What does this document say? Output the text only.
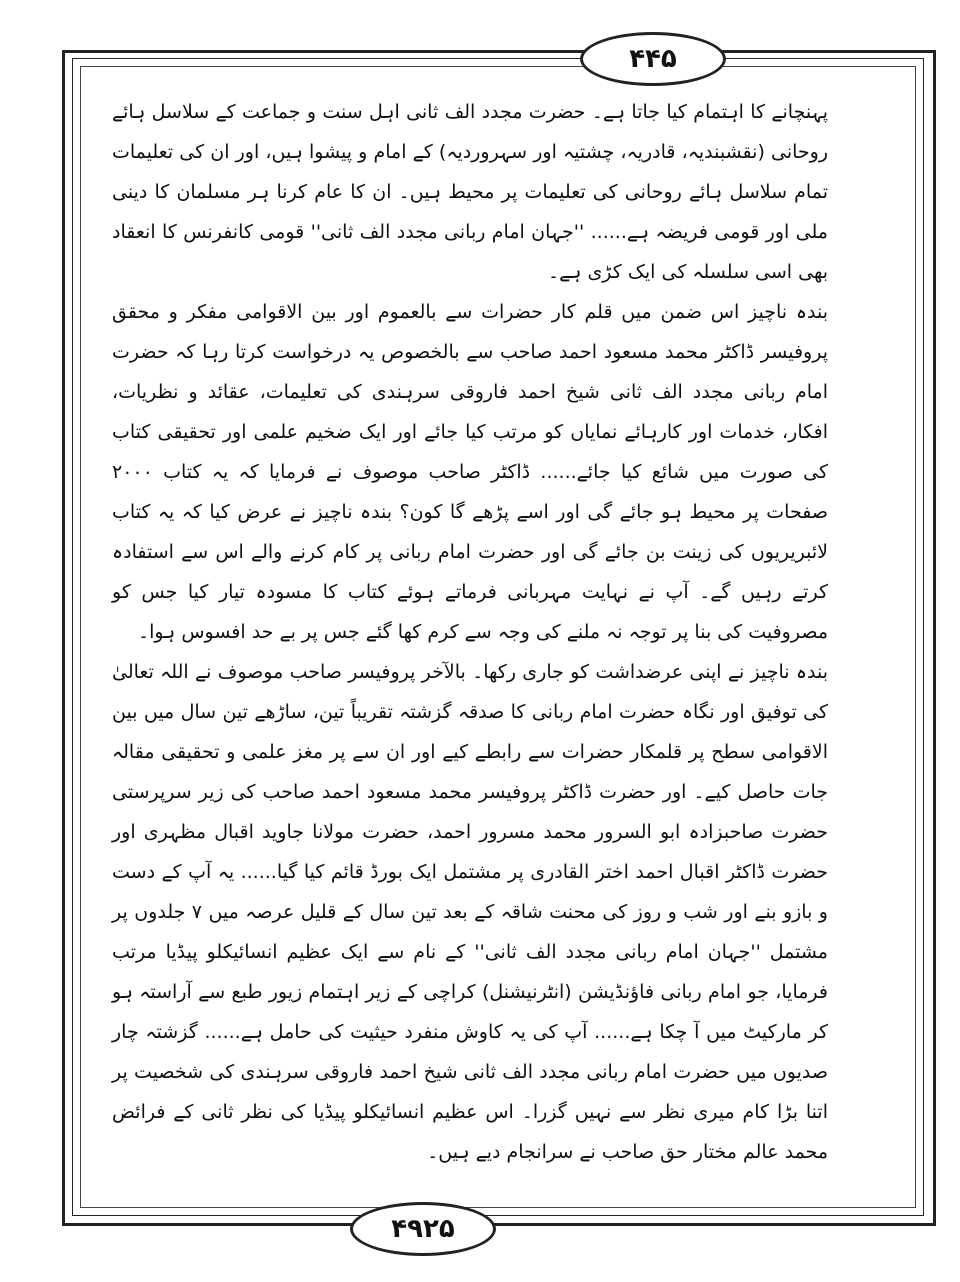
۴۴۵

پہنچانے کا اہتمام کیا جاتا ہے۔ حضرت مجدد الف ثانی اہل سنت و جماعت کے سلاسل ہائے روحانی (نقشبندیہ، قادریہ، چشتیہ اور سہروردیہ) کے امام و پیشوا ہیں، اور ان کی تعلیمات تمام سلاسل ہائے روحانی کی تعلیمات پر محیط ہیں۔ ان کا عام کرنا ہر مسلمان کا دینی ملی اور قومی فریضہ ہے...... ''جہان امام ربانی مجدد الف ثانی'' قومی کانفرنس کا انعقاد بھی اسی سلسلہ کی ایک کڑی ہے۔

بندہ ناچیز اس ضمن میں قلم کار حضرات سے بالعموم اور بین الاقوامی مفکر و محقق پروفیسر ڈاکٹر محمد مسعود احمد صاحب سے بالخصوص یہ درخواست کرتا رہا کہ حضرت امام ربانی مجدد الف ثانی شیخ احمد فاروقی سرہندی کی تعلیمات، عقائد و نظریات، افکار، خدمات اور کارہائے نمایاں کو مرتب کیا جائے اور ایک ضخیم علمی اور تحقیقی کتاب کی صورت میں شائع کیا جائے...... ڈاکٹر صاحب موصوف نے فرمایا کہ یہ کتاب ۲۰۰۰ صفحات پر محیط ہو جائے گی اور اسے پڑھے گا کون؟ بندہ ناچیز نے عرض کیا کہ یہ کتاب لائبریریوں کی زینت بن جائے گی اور حضرت امام ربانی پر کام کرنے والے اس سے استفادہ کرتے رہیں گے۔ آپ نے نہایت مہربانی فرماتے ہوئے کتاب کا مسودہ تیار کیا جس کو مصروفیت کی بنا پر توجہ نہ ملنے کی وجہ سے کرم کھا گئے جس پر بے حد افسوس ہوا۔

بندہ ناچیز نے اپنی عرضداشت کو جاری رکھا۔ بالآخر پروفیسر صاحب موصوف نے اللہ تعالیٰ کی توفیق اور نگاہ حضرت امام ربانی کا صدقہ گزشتہ تقریباً تین، ساڑھے تین سال میں بین الاقوامی سطح پر قلمکار حضرات سے رابطے کیے اور ان سے پر مغز علمی و تحقیقی مقالہ جات حاصل کیے۔ اور حضرت ڈاکٹر پروفیسر محمد مسعود احمد صاحب کی زیر سرپرستی حضرت صاحبزادہ ابو السرور محمد مسرور احمد، حضرت مولانا جاوید اقبال مظہری اور حضرت ڈاکٹر اقبال احمد اختر القادری پر مشتمل ایک بورڈ قائم کیا گیا...... یہ آپ کے دست و بازو بنے اور شب و روز کی محنت شاقہ کے بعد تین سال کے قلیل عرصہ میں ۷ جلدوں پر مشتمل ''جہان امام ربانی مجدد الف ثانی'' کے نام سے ایک عظیم انسائیکلو پیڈیا مرتب فرمایا، جو امام ربانی فاؤنڈیشن (انٹرنیشنل) کراچی کے زیر اہتمام زیور طبع سے آراستہ ہو کر مارکیٹ میں آ چکا ہے...... آپ کی یہ کاوش منفرد حیثیت کی حامل ہے...... گزشتہ چار صدیوں میں حضرت امام ربانی مجدد الف ثانی شیخ احمد فاروقی سرہندی کی شخصیت پر اتنا بڑا کام میری نظر سے نہیں گزرا۔ اس عظیم انسائیکلو پیڈیا کی نظر ثانی کے فرائض محمد عالم مختار حق صاحب نے سرانجام دیے ہیں۔

۴۹۲۵
